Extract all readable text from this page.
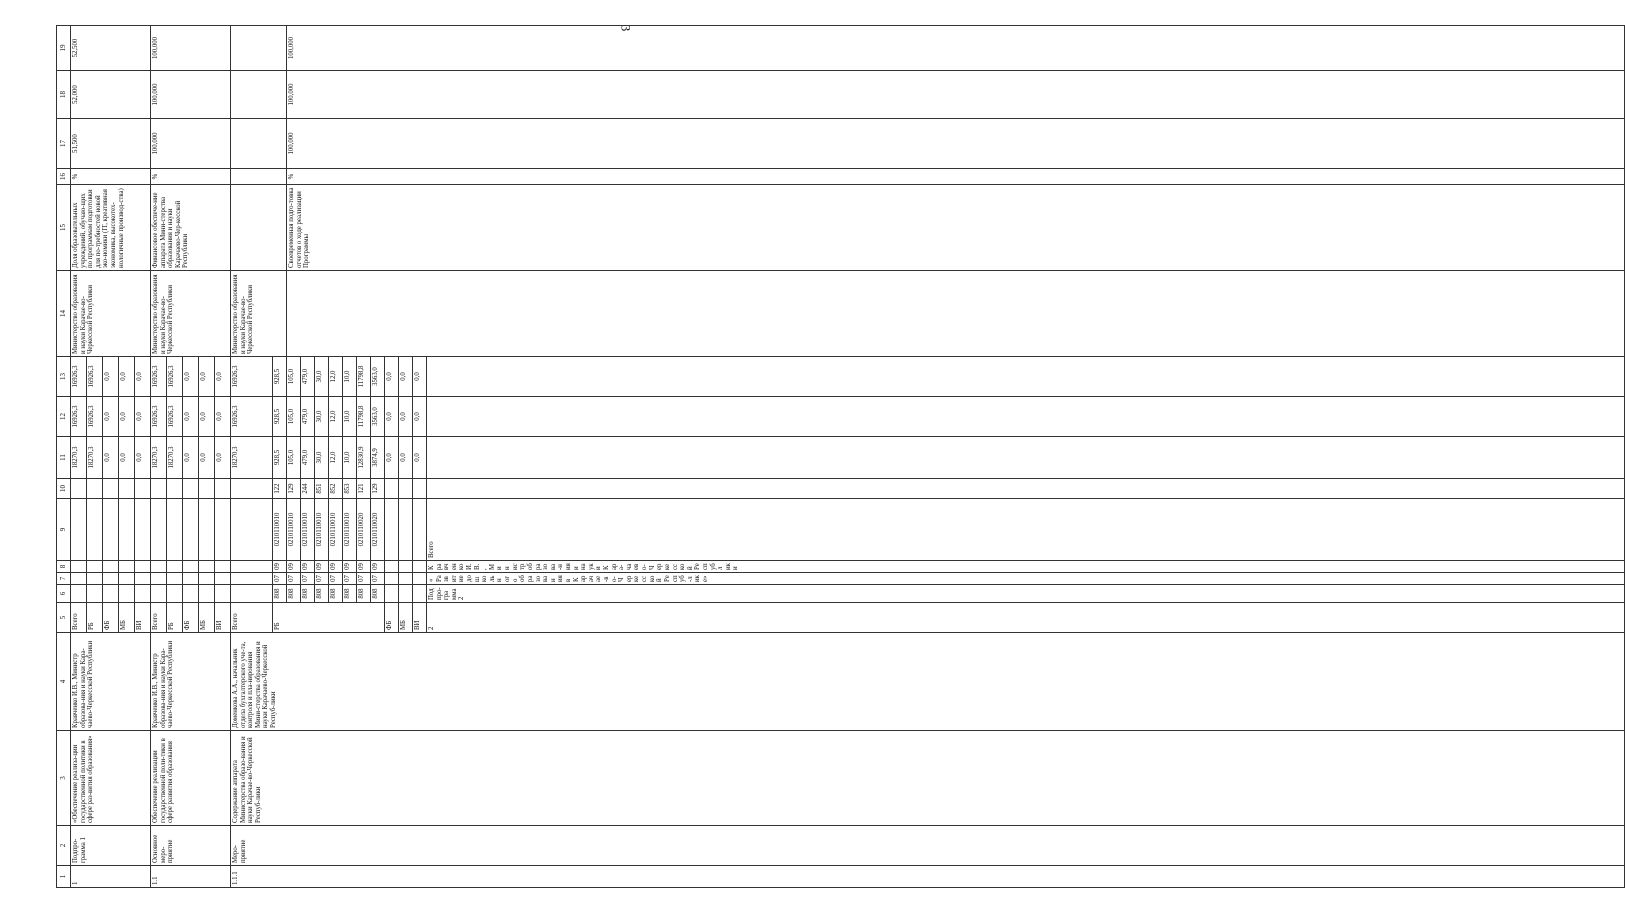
3
1	2	3	4	5	6	7	8	9	10	11	12	13	14	15	16	17	18	19	
1	Подпро-грамма 1	«Обеспечение реализа-ции государственной политики в сфере раз-вития образования»	Кравченко И.В., Министр образова-ния и науки Кара-чаево-Черкесской Республики	Всего						18270,3	16926,3	16926,3	Министерство образования и науки Карачае-во-Черкесской Республики	Доля образовательных учреждений, обучаю-щих по программам подготовки для по-требностей новой эко-номики (IT, креативная экономика, высокотех-нологичные производ-ства)	%	51,500	52,000	52,500	
				РБ						18270,3	16926,3	16926,3							
				ФБ						0,0	0,0	0,0							
				МБ						0,0	0,0	0,0							
				ВИ						0,0	0,0	0,0							
1.1	Основное меро-приятие	Обеспечение реализации государственной поли-тики в сфере развития образования	Кравченко И.В., Министр образова-ния и науки Кара-чаево-Черкесской Республики	Всего						18270,3	16926,3	16926,3	Министерство образования и науки Карачае-во-Черкесской Республики	Финансовое обеспече-ние аппарата Мини-стерства образования и науки Карачаево-Чер-кесской Республики	%	100,000	100,000	100,000	
				РБ						18270,3	16926,3	16926,3							
				ФБ						0,0	0,0	0,0							
				МБ						0,0	0,0	0,0							
				ВИ						0,0	0,0	0,0							
1.1.1	Меро-приятие	Содержание аппарата Министерства образо-вания и науки Карачае-во-Черкесской Респуб-лики	Доменкова А.А., начальник отдела бухгалтерского уче-та, контроля и пла-нирования Мини-стерства образования и науки Карачаево-Черкесской Респуб-лики	Всего						18270,3	16926,3	16926,3	Министерство образования и науки Карачае-во-Черкесской Республики						
				РБ	808	07	09	0210110010	122	928,5	928,5	928,5							
					808	07	09	0210110010	129	105,0	105,0	105,0		Своевременная подго-товка отчетов о ходе реализации Программы	%	100,000	100,000	100,000	
					808	07	09	0210110010	244	479,0	479,0	479,0							
					808	07	09	0210110010	851	30,0	30,0	30,0							
					808	07	09	0210110010	852	12,0	12,0	12,0							
					808	07	09	0210110010	853	10,0	10,0	10,0							
					808	07	09	0210110020	121	12830,9	11798,8	11798,8							
					808	07	09	0210110020	129	3874,9	3563,0	3563,0							
				ФБ						0,0	0,0	0,0							
				МБ						0,0	0,0	0,0							
				ВИ						0,0	0,0	0,0							
				2	Подпро-грамма 2	«Развитие дошкольного образования в Карачае-во-Черкесской Респуб-лике»	Кравченко И.В., Министр образова-ния и науки Кара-чаево-Черкесской Республики	Всего														
